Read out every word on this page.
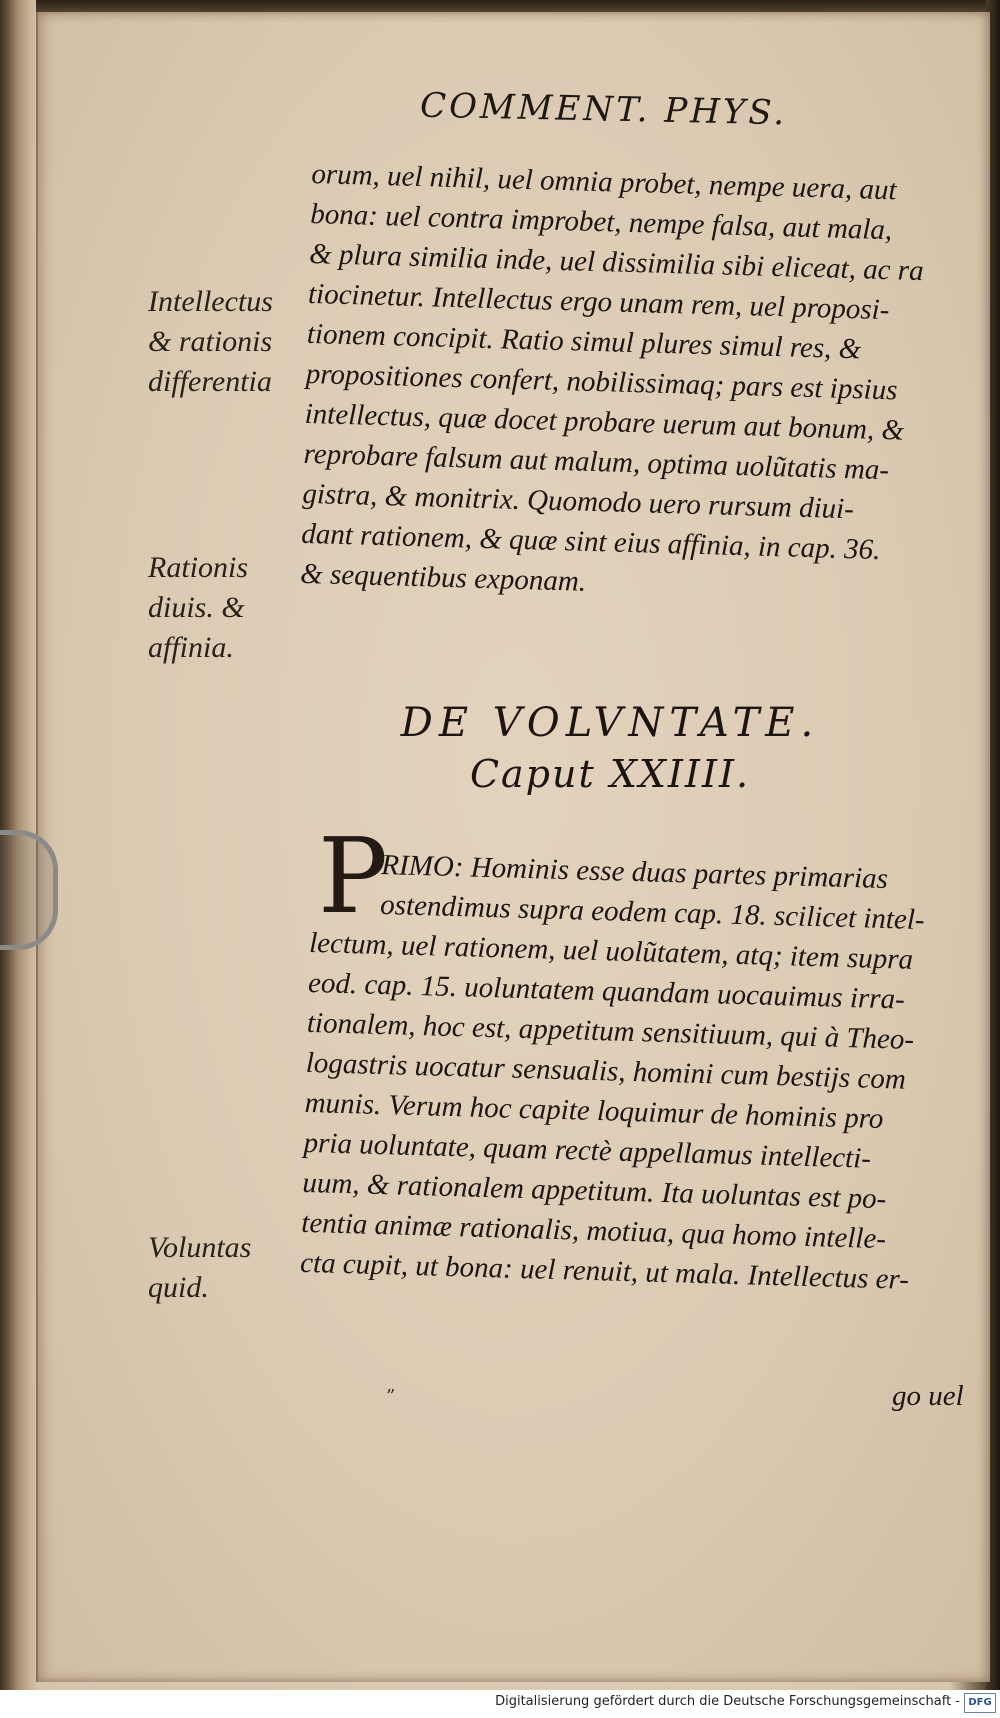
COMMENT. PHYS.

orum, uel nihil, uel omnia probet, nempe uera, aut
bona: uel contra improbet, nempe falsa, aut mala,
& plura similia inde, uel dissimilia sibi eliceat, ac ra
tiocinetur. Intellectus ergo unam rem, uel proposi-
tionem concipit. Ratio simul plures simul res, &
propositiones confert, nobilissimaq; pars est ipsius
intellectus, quæ docet probare uerum aut bonum, &
reprobare falsum aut malum, optima uolũtatis ma-
gistra, & monitrix. Quomodo uero rursum diui-
dant rationem, & quæ sint eius affinia, in cap. 36.
& sequentibus exponam.
Intellectus
& rationis
differentia
Rationis
diuis. &
affinia.
Voluntas
quid.

DE VOLVNTATE.

Caput XXIIII.

P
RIMO: Hominis esse duas partes primarias
ostendimus supra eodem cap. 18. scilicet intel-
lectum, uel rationem, uel uolũtatem, atq; item supra
eod. cap. 15. uoluntatem quandam uocauimus irra-
tionalem, hoc est, appetitum sensitiuum, qui à Theo-
logastris uocatur sensualis, homini cum bestijs com
munis. Verum hoc capite loquimur de hominis pro
pria uoluntate, quam rectè appellamus intellecti-
uum, & rationalem appetitum. Ita uoluntas est po-
tentia animæ rationalis, motiua, qua homo intelle-
cta cupit, ut bona: uel renuit, ut mala. Intellectus er-
”	go uel
Digitalisierung gefördert durch die Deutsche Forschungsgemeinschaft - DFG
